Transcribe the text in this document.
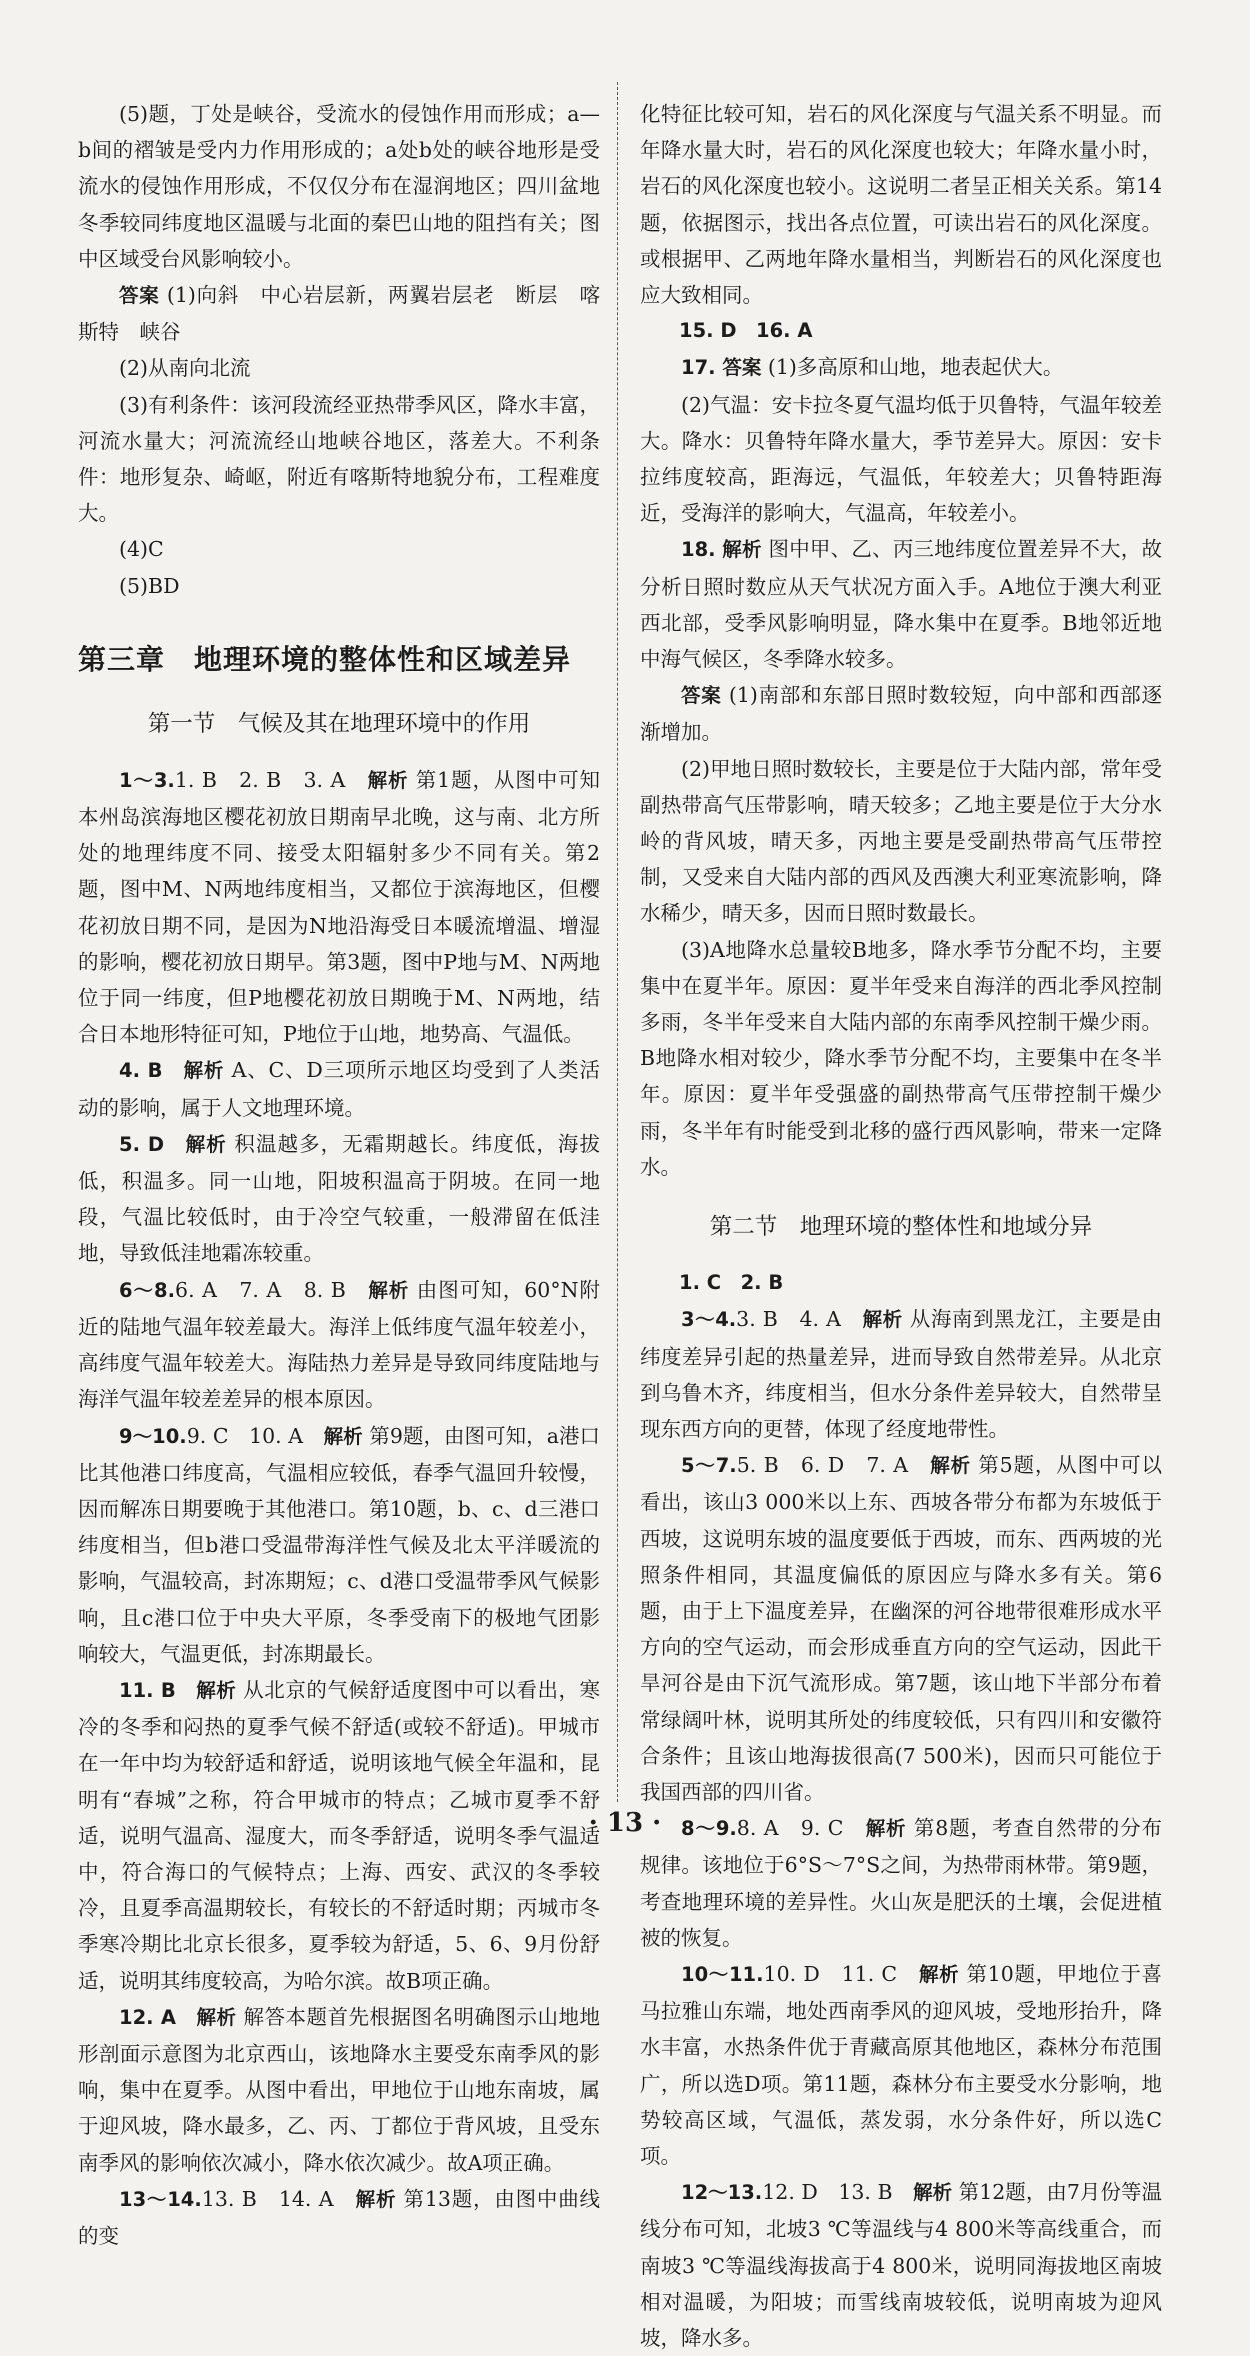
(5)题，丁处是峡谷，受流水的侵蚀作用而形成；a—b间的褶皱是受内力作用形成的；a处b处的峡谷地形是受流水的侵蚀作用形成，不仅仅分布在湿润地区；四川盆地冬季较同纬度地区温暖与北面的秦巴山地的阻挡有关；图中区域受台风影响较小。

答案 (1)向斜　中心岩层新，两翼岩层老　断层　喀斯特　峡谷

(2)从南向北流

(3)有利条件：该河段流经亚热带季风区，降水丰富，河流水量大；河流流经山地峡谷地区，落差大。不利条件：地形复杂、崎岖，附近有喀斯特地貌分布，工程难度大。

(4)C

(5)BD

第三章　地理环境的整体性和区域差异
第一节　气候及其在地理环境中的作用

1～3.1. B　2. B　3. A　解析 第1题，从图中可知本州岛滨海地区樱花初放日期南早北晚，这与南、北方所处的地理纬度不同、接受太阳辐射多少不同有关。第2题，图中M、N两地纬度相当，又都位于滨海地区，但樱花初放日期不同，是因为N地沿海受日本暖流增温、增湿的影响，樱花初放日期早。第3题，图中P地与M、N两地位于同一纬度，但P地樱花初放日期晚于M、N两地，结合日本地形特征可知，P地位于山地，地势高、气温低。

4. B　解析 A、C、D三项所示地区均受到了人类活动的影响，属于人文地理环境。

5. D　解析 积温越多，无霜期越长。纬度低，海拔低，积温多。同一山地，阳坡积温高于阴坡。在同一地段，气温比较低时，由于冷空气较重，一般滞留在低洼地，导致低洼地霜冻较重。

6～8.6. A　7. A　8. B　解析 由图可知，60°N附近的陆地气温年较差最大。海洋上低纬度气温年较差小，高纬度气温年较差大。海陆热力差异是导致同纬度陆地与海洋气温年较差差异的根本原因。

9～10.9. C　10. A　解析 第9题，由图可知，a港口比其他港口纬度高，气温相应较低，春季气温回升较慢，因而解冻日期要晚于其他港口。第10题，b、c、d三港口纬度相当，但b港口受温带海洋性气候及北太平洋暖流的影响，气温较高，封冻期短；c、d港口受温带季风气候影响，且c港口位于中央大平原，冬季受南下的极地气团影响较大，气温更低，封冻期最长。

11. B　解析 从北京的气候舒适度图中可以看出，寒冷的冬季和闷热的夏季气候不舒适(或较不舒适)。甲城市在一年中均为较舒适和舒适，说明该地气候全年温和，昆明有“春城”之称，符合甲城市的特点；乙城市夏季不舒适，说明气温高、湿度大，而冬季舒适，说明冬季气温适中，符合海口的气候特点；上海、西安、武汉的冬季较冷，且夏季高温期较长，有较长的不舒适时期；丙城市冬季寒冷期比北京长很多，夏季较为舒适，5、6、9月份舒适，说明其纬度较高，为哈尔滨。故B项正确。

12. A　解析 解答本题首先根据图名明确图示山地地形剖面示意图为北京西山，该地降水主要受东南季风的影响，集中在夏季。从图中看出，甲地位于山地东南坡，属于迎风坡，降水最多，乙、丙、丁都位于背风坡，且受东南季风的影响依次减小，降水依次减少。故A项正确。

13～14.13. B　14. A　解析 第13题，由图中曲线的变

化特征比较可知，岩石的风化深度与气温关系不明显。而年降水量大时，岩石的风化深度也较大；年降水量小时，岩石的风化深度也较小。这说明二者呈正相关关系。第14题，依据图示，找出各点位置，可读出岩石的风化深度。或根据甲、乙两地年降水量相当，判断岩石的风化深度也应大致相同。

15. D　16. A

17. 答案 (1)多高原和山地，地表起伏大。

(2)气温：安卡拉冬夏气温均低于贝鲁特，气温年较差大。降水：贝鲁特年降水量大，季节差异大。原因：安卡拉纬度较高，距海远，气温低，年较差大；贝鲁特距海近，受海洋的影响大，气温高，年较差小。

18. 解析 图中甲、乙、丙三地纬度位置差异不大，故分析日照时数应从天气状况方面入手。A地位于澳大利亚西北部，受季风影响明显，降水集中在夏季。B地邻近地中海气候区，冬季降水较多。

答案 (1)南部和东部日照时数较短，向中部和西部逐渐增加。

(2)甲地日照时数较长，主要是位于大陆内部，常年受副热带高气压带影响，晴天较多；乙地主要是位于大分水岭的背风坡，晴天多，丙地主要是受副热带高气压带控制，又受来自大陆内部的西风及西澳大利亚寒流影响，降水稀少，晴天多，因而日照时数最长。

(3)A地降水总量较B地多，降水季节分配不均，主要集中在夏半年。原因：夏半年受来自海洋的西北季风控制多雨，冬半年受来自大陆内部的东南季风控制干燥少雨。B地降水相对较少，降水季节分配不均，主要集中在冬半年。原因：夏半年受强盛的副热带高气压带控制干燥少雨，冬半年有时能受到北移的盛行西风影响，带来一定降水。

第二节　地理环境的整体性和地域分异

1. C　2. B

3～4.3. B　4. A　解析 从海南到黑龙江，主要是由纬度差异引起的热量差异，进而导致自然带差异。从北京到乌鲁木齐，纬度相当，但水分条件差异较大，自然带呈现东西方向的更替，体现了经度地带性。

5～7.5. B　6. D　7. A　解析 第5题，从图中可以看出，该山3 000米以上东、西坡各带分布都为东坡低于西坡，这说明东坡的温度要低于西坡，而东、西两坡的光照条件相同，其温度偏低的原因应与降水多有关。第6题，由于上下温度差异，在幽深的河谷地带很难形成水平方向的空气运动，而会形成垂直方向的空气运动，因此干旱河谷是由下沉气流形成。第7题，该山地下半部分布着常绿阔叶林，说明其所处的纬度较低，只有四川和安徽符合条件；且该山地海拔很高(7 500米)，因而只可能位于我国西部的四川省。

8～9.8. A　9. C　解析 第8题，考查自然带的分布规律。该地位于6°S～7°S之间，为热带雨林带。第9题，考查地理环境的差异性。火山灰是肥沃的土壤，会促进植被的恢复。

10～11.10. D　11. C　解析 第10题，甲地位于喜马拉雅山东端，地处西南季风的迎风坡，受地形抬升，降水丰富，水热条件优于青藏高原其他地区，森林分布范围广，所以选D项。第11题，森林分布主要受水分影响，地势较高区域，气温低，蒸发弱，水分条件好，所以选C项。

12～13.12. D　13. B　解析 第12题，由7月份等温线分布可知，北坡3 ℃等温线与4 800米等高线重合，而南坡3 ℃等温线海拔高于4 800米，说明同海拔地区南坡相对温暖，为阳坡；而雪线南坡较低，说明南坡为迎风坡，降水多。

· 13 ·
